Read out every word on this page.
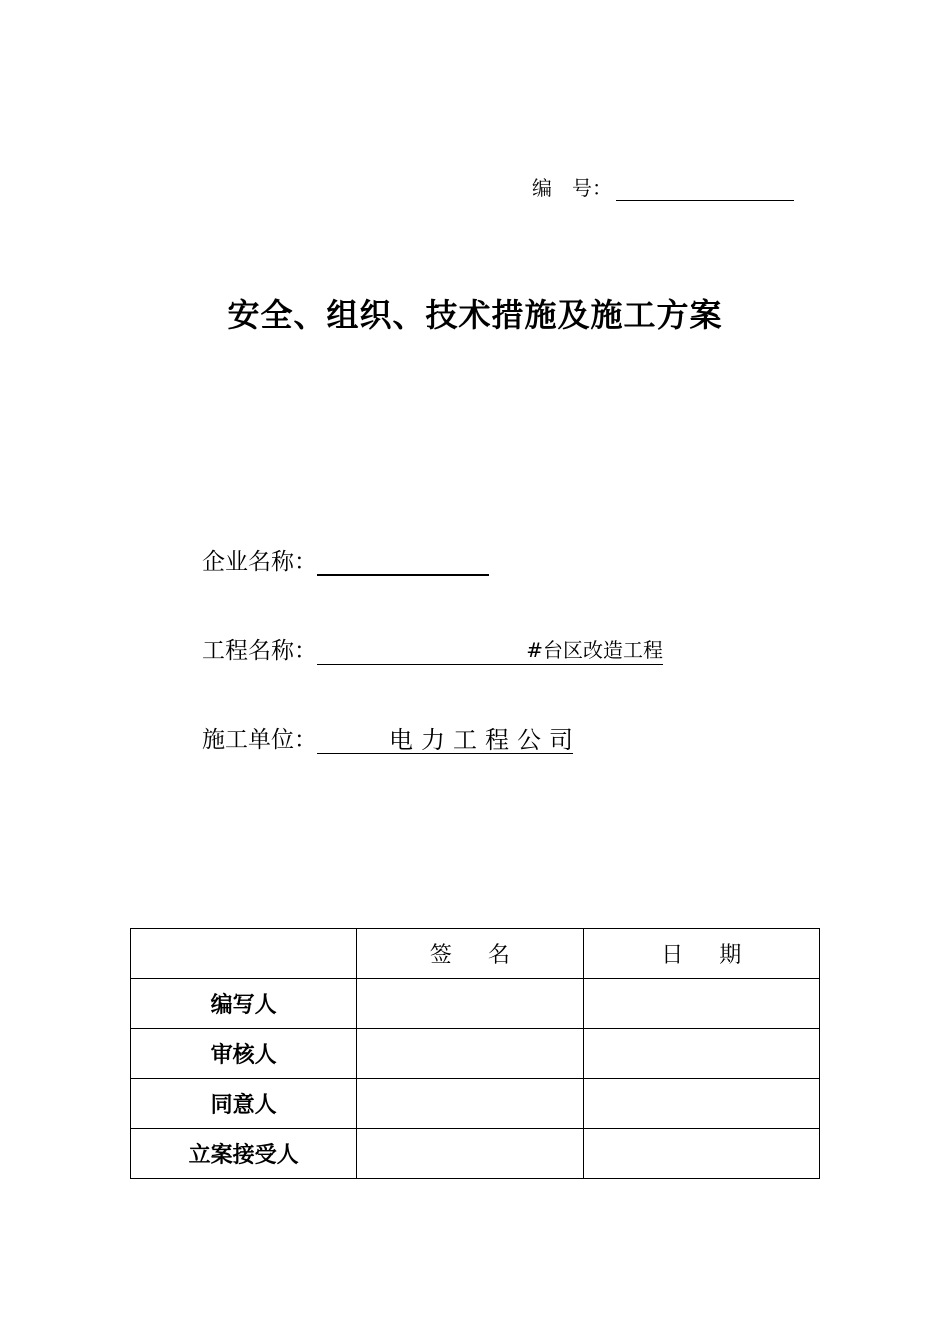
编　号：
安全、组织、技术措施及施工方案
企业名称：
工程名称：	#台区改造工程
施工单位：	电力工程公司
	签名	日期
编写人		
审核人		
同意人		
立案接受人		
